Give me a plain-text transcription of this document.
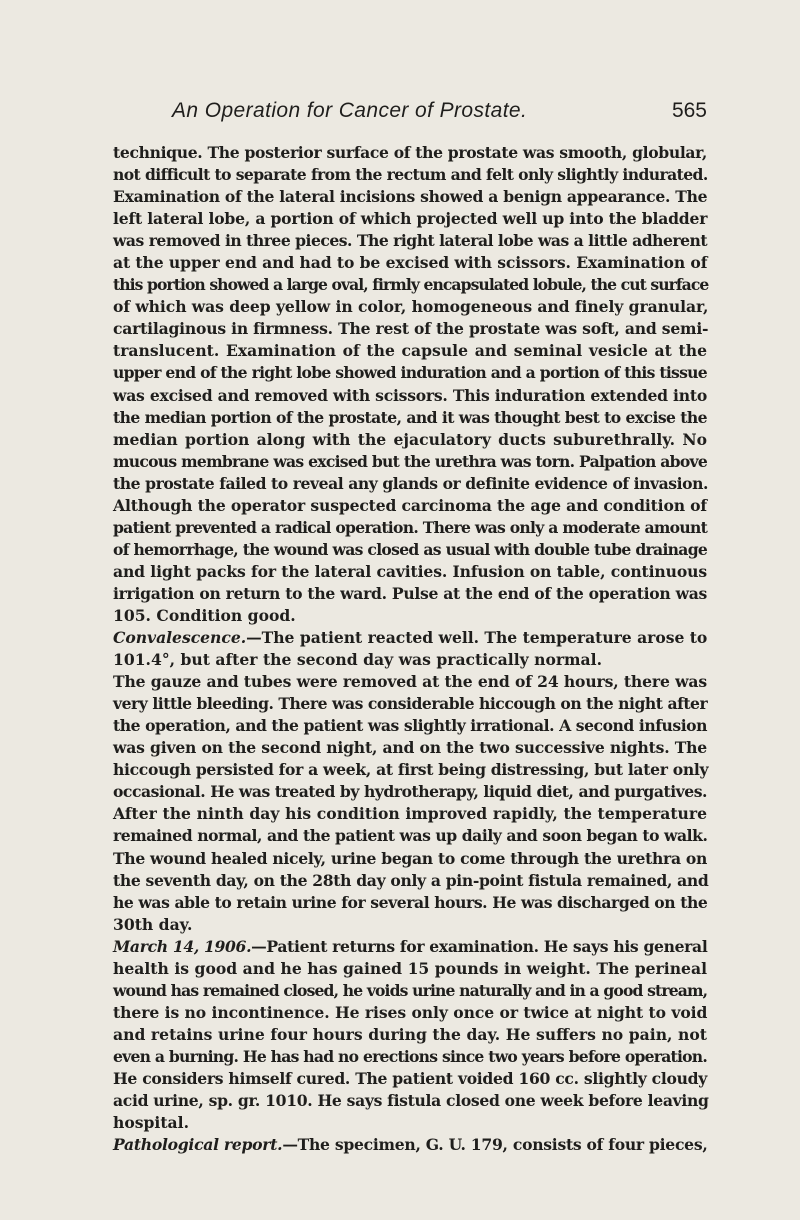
An Operation for Cancer of Prostate.	565
technique. The posterior surface of the prostate was smooth, globular,
not difficult to separate from the rectum and felt only slightly indurated.
Examination of the lateral incisions showed a benign appearance. The
left lateral lobe, a portion of which projected well up into the bladder
was removed in three pieces. The right lateral lobe was a little adherent
at the upper end and had to be excised with scissors. Examination of
this portion showed a large oval, firmly encapsulated lobule, the cut surface
of which was deep yellow in color, homogeneous and finely granular,
cartilaginous in firmness. The rest of the prostate was soft, and semi-
translucent. Examination of the capsule and seminal vesicle at the
upper end of the right lobe showed induration and a portion of this tissue
was excised and removed with scissors. This induration extended into
the median portion of the prostate, and it was thought best to excise the
median portion along with the ejaculatory ducts suburethrally. No
mucous membrane was excised but the urethra was torn. Palpation above
the prostate failed to reveal any glands or definite evidence of invasion.
Although the operator suspected carcinoma the age and condition of
patient prevented a radical operation. There was only a moderate amount
of hemorrhage, the wound was closed as usual with double tube drainage
and light packs for the lateral cavities. Infusion on table, continuous
irrigation on return to the ward. Pulse at the end of the operation was
105. Condition good.
Convalescence.—The patient reacted well. The temperature arose to
101.4°, but after the second day was practically normal.
The gauze and tubes were removed at the end of 24 hours, there was
very little bleeding. There was considerable hiccough on the night after
the operation, and the patient was slightly irrational. A second infusion
was given on the second night, and on the two successive nights. The
hiccough persisted for a week, at first being distressing, but later only
occasional. He was treated by hydrotherapy, liquid diet, and purgatives.
After the ninth day his condition improved rapidly, the temperature
remained normal, and the patient was up daily and soon began to walk.
The wound healed nicely, urine began to come through the urethra on
the seventh day, on the 28th day only a pin-point fistula remained, and
he was able to retain urine for several hours. He was discharged on the
30th day.
March 14, 1906.—Patient returns for examination. He says his general
health is good and he has gained 15 pounds in weight. The perineal
wound has remained closed, he voids urine naturally and in a good stream,
there is no incontinence. He rises only once or twice at night to void
and retains urine four hours during the day. He suffers no pain, not
even a burning. He has had no erections since two years before operation.
He considers himself cured. The patient voided 160 cc. slightly cloudy
acid urine, sp. gr. 1010. He says fistula closed one week before leaving
hospital.
Pathological report.—The specimen, G. U. 179, consists of four pieces,
